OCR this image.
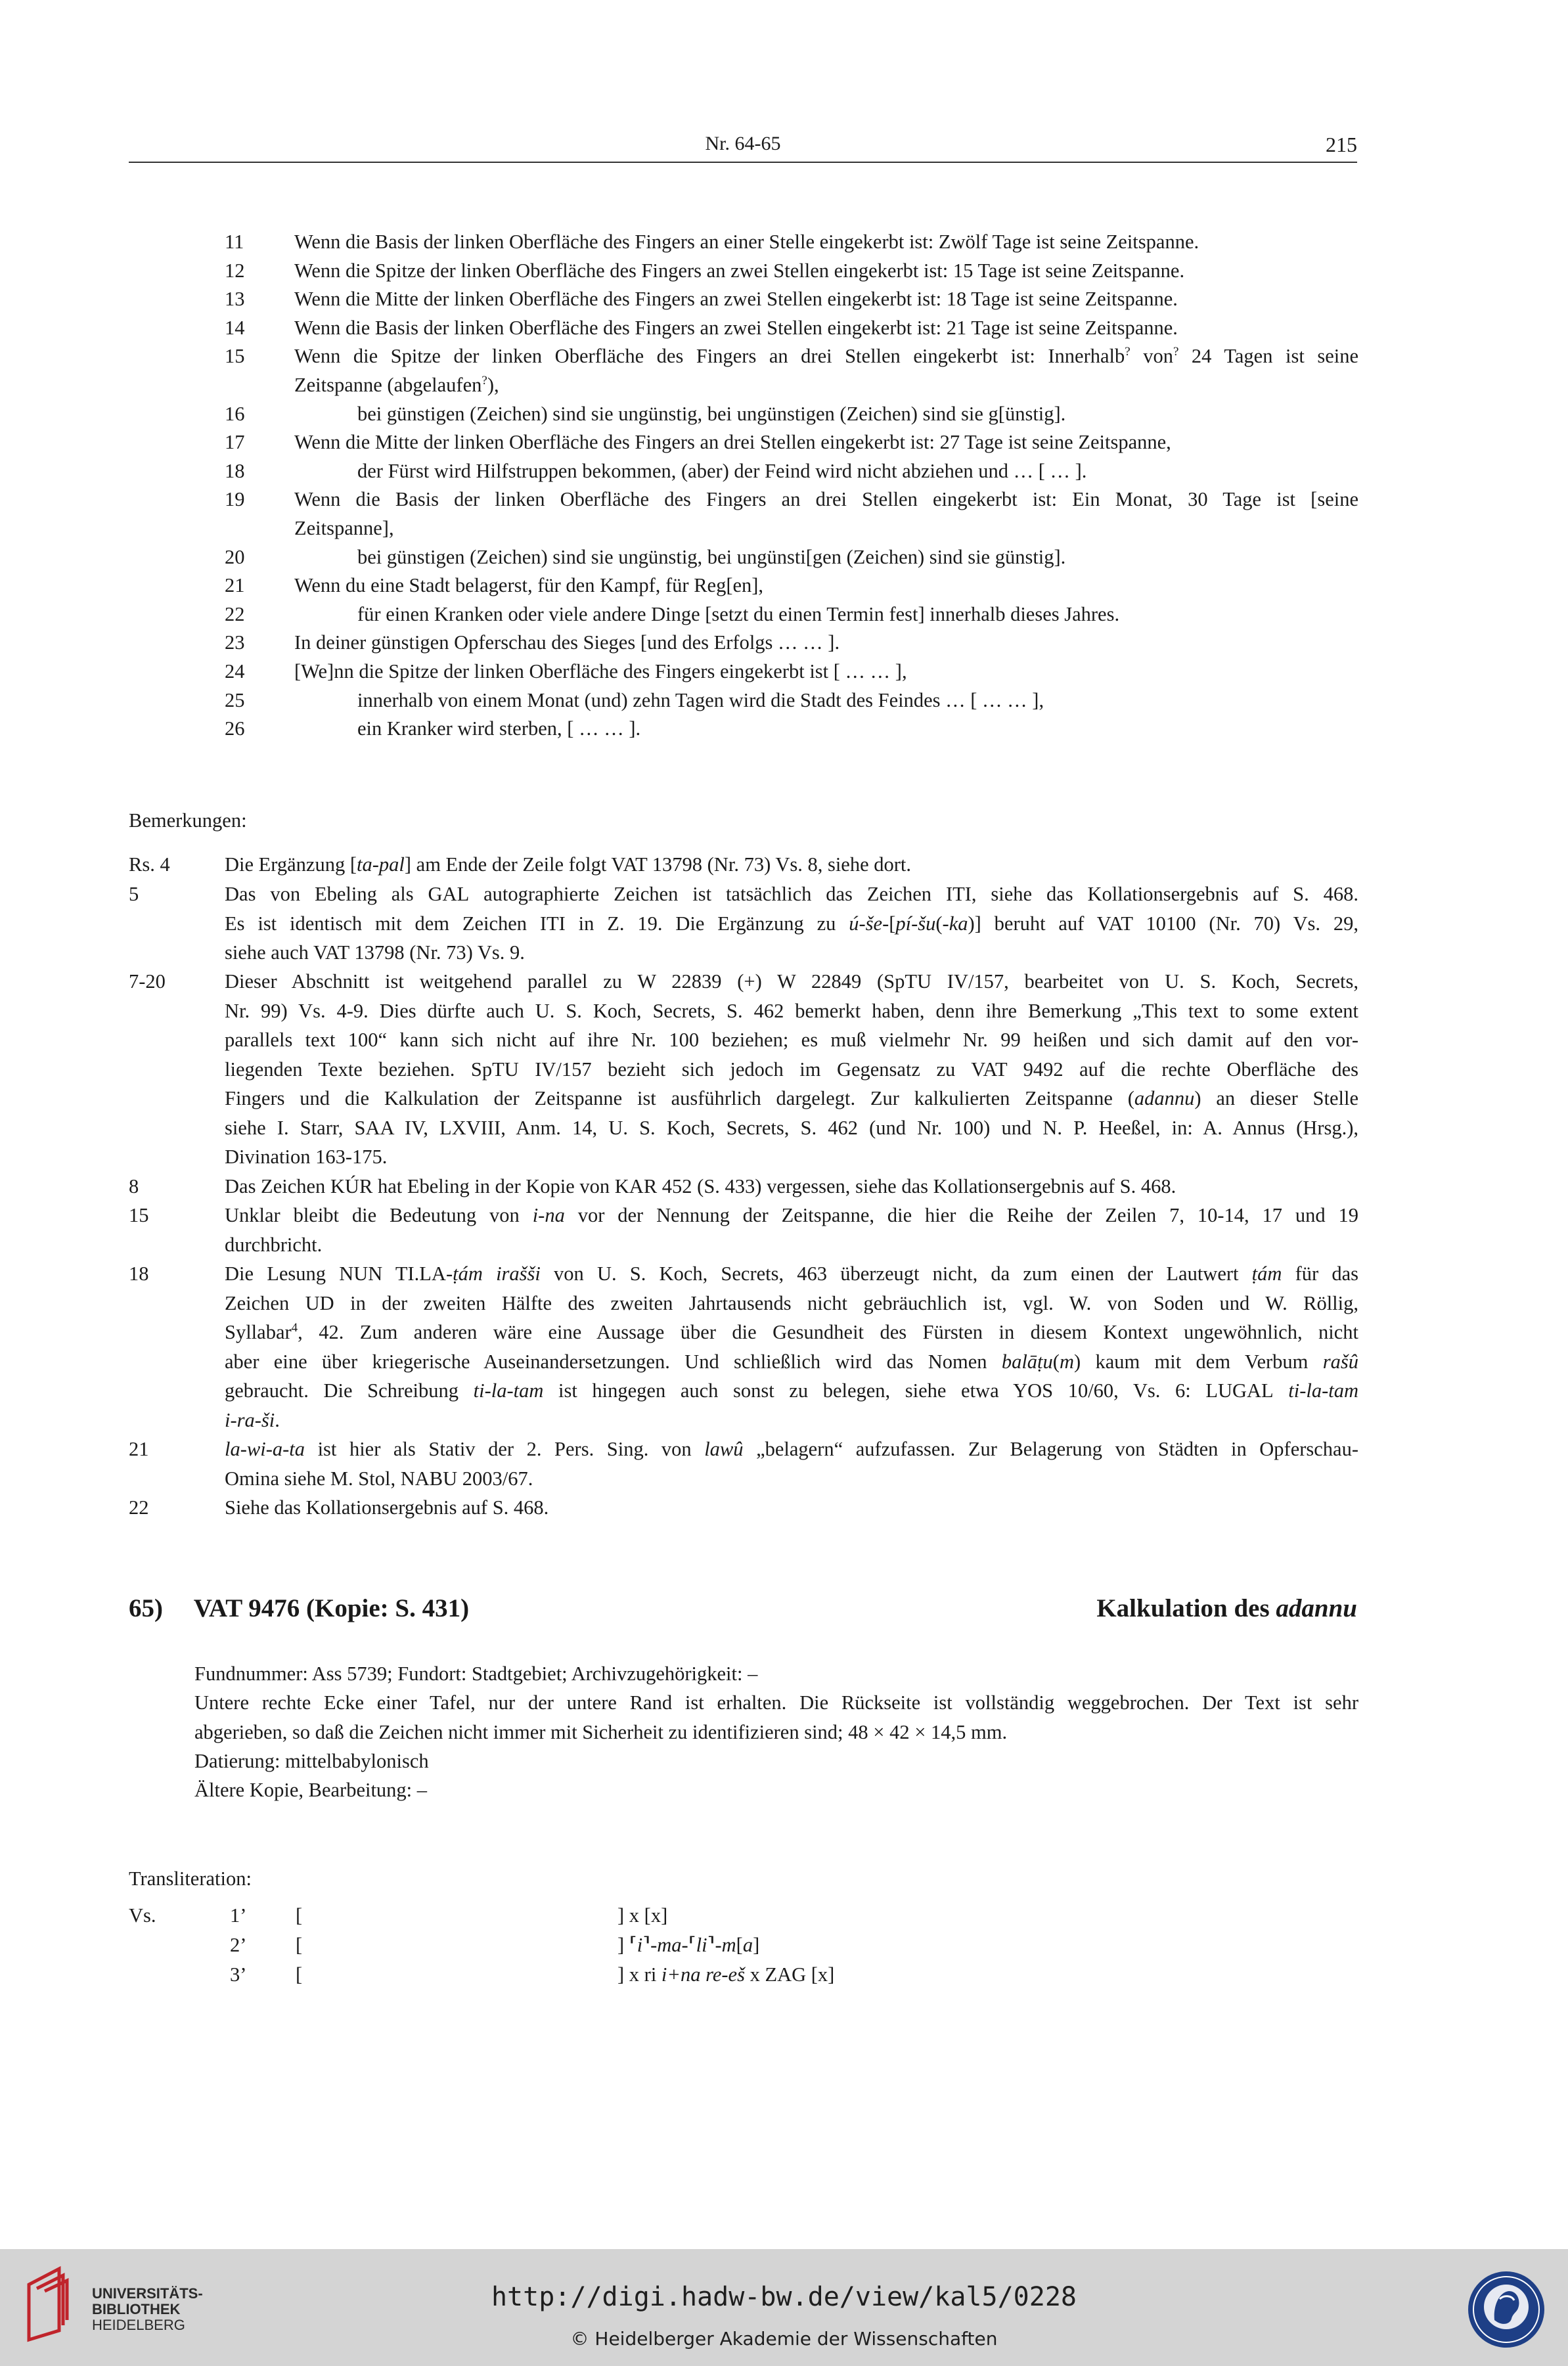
Nr. 64-65	215
11	Wenn die Basis der linken Oberfläche des Fingers an einer Stelle eingekerbt ist: Zwölf Tage ist seine Zeitspanne.
12 Wenn die Spitze der linken Oberfläche des Fingers an zwei Stellen eingekerbt ist: 15 Tage ist seine Zeitspanne.
13 Wenn die Mitte der linken Oberfläche des Fingers an zwei Stellen eingekerbt ist: 18 Tage ist seine Zeitspanne.
14 Wenn die Basis der linken Oberfläche des Fingers an zwei Stellen eingekerbt ist: 21 Tage ist seine Zeitspanne.
15 Wenn die Spitze der linken Oberfläche des Fingers an drei Stellen eingekerbt ist: Innerhalb? von? 24 Tagen ist seine
Zeitspanne (abgelaufen?),
16	bei günstigen (Zeichen) sind sie ungünstig, bei ungünstigen (Zeichen) sind sie g[ünstig].
17 Wenn die Mitte der linken Oberfläche des Fingers an drei Stellen eingekerbt ist: 27 Tage ist seine Zeitspanne,
18	der Fürst wird Hilfstruppen bekommen, (aber) der Feind wird nicht abziehen und … [ … ].
19 Wenn die Basis der linken Oberfläche des Fingers an drei Stellen eingekerbt ist: Ein Monat, 30 Tage ist [seine
Zeitspanne],
20	bei günstigen (Zeichen) sind sie ungünstig, bei ungünsti[gen (Zeichen) sind sie günstig].
21 Wenn du eine Stadt belagerst, für den Kampf, für Reg[en],
22	für einen Kranken oder viele andere Dinge [setzt du einen Termin fest] innerhalb dieses Jahres.
23 In deiner günstigen Opferschau des Sieges [und des Erfolgs … … ].
24 [We]nn die Spitze der linken Oberfläche des Fingers eingekerbt ist [ … … ],
25	innerhalb von einem Monat (und) zehn Tagen wird die Stadt des Feindes … [ … … ],
26	ein Kranker wird sterben, [ … … ].
Bemerkungen:
Rs. 4	Die Ergänzung [ta-pal] am Ende der Zeile folgt VAT 13798 (Nr. 73) Vs. 8, siehe dort.
5	Das von Ebeling als GAL autographierte Zeichen ist tatsächlich das Zeichen ITI, siehe das Kollationsergebnis auf S. 468.
Es ist identisch mit dem Zeichen ITI in Z. 19. Die Ergänzung zu ú-še-[pí-šu(-ka)] beruht auf VAT 10100 (Nr. 70) Vs. 29,
siehe auch VAT 13798 (Nr. 73) Vs. 9.
7-20	Dieser Abschnitt ist weitgehend parallel zu W 22839 (+) W 22849 (SpTU IV/157, bearbeitet von U. S. Koch, Secrets,
Nr. 99) Vs. 4-9. Dies dürfte auch U. S. Koch, Secrets, S. 462 bemerkt haben, denn ihre Bemerkung „This text to some extent
parallels text 100“ kann sich nicht auf ihre Nr. 100 beziehen; es muß vielmehr Nr. 99 heißen und sich damit auf den vor-
liegenden Texte beziehen. SpTU IV/157 bezieht sich jedoch im Gegensatz zu VAT 9492 auf die rechte Oberfläche des
Fingers und die Kalkulation der Zeitspanne ist ausführlich dargelegt. Zur kalkulierten Zeitspanne (adannu) an dieser Stelle
siehe I. Starr, SAA IV, LXVIII, Anm. 14, U. S. Koch, Secrets, S. 462 (und Nr. 100) und N. P. Heeßel, in: A. Annus (Hrsg.),
Divination 163-175.
8	Das Zeichen KÚR hat Ebeling in der Kopie von KAR 452 (S. 433) vergessen, siehe das Kollationsergebnis auf S. 468.
15	Unklar bleibt die Bedeutung von i-na vor der Nennung der Zeitspanne, die hier die Reihe der Zeilen 7, 10-14, 17 und 19
durchbricht.
18	Die Lesung NUN TI.LA-ṭám irašši von U. S. Koch, Secrets, 463 überzeugt nicht, da zum einen der Lautwert ṭám für das
Zeichen UD in der zweiten Hälfte des zweiten Jahrtausends nicht gebräuchlich ist, vgl. W. von Soden und W. Röllig,
Syllabar$^4$, 42. Zum anderen wäre eine Aussage über die Gesundheit des Fürsten in diesem Kontext ungewöhnlich, nicht
aber eine über kriegerische Auseinandersetzungen. Und schließlich wird das Nomen balāṭu(m) kaum mit dem Verbum rašû
gebraucht. Die Schreibung ti-la-tam ist hingegen auch sonst zu belegen, siehe etwa YOS 10/60, Vs. 6: LUGAL ti-la-tam
i-ra-ši.
21	la-wi-a-ta ist hier als Stativ der 2. Pers. Sing. von lawû „belagern“ aufzufassen. Zur Belagerung von Städten in Opferschau-
Omina siehe M. Stol, NABU 2003/67.
22	Siehe das Kollationsergebnis auf S. 468.
65) VAT 9476 (Kopie: S. 431)	Kalkulation des adannu
Fundnummer: Ass 5739; Fundort: Stadtgebiet; Archivzugehörigkeit: –
Untere rechte Ecke einer Tafel, nur der untere Rand ist erhalten. Die Rückseite ist vollständig weggebrochen. Der Text ist sehr
abgerieben, so daß die Zeichen nicht immer mit Sicherheit zu identifizieren sind; 48 × 42 × 14,5 mm.
Datierung: mittelbabylonisch
Ältere Kopie, Bearbeitung: –
Transliteration:
Vs.	1’ [	] x [x]
2’ [	] ⸢i⸣-ma-⸢li⸣-m[a]
3’ [	] x ri i+na re-eš x ZAG [x]
UNIVERSITÄTS-
BIBLIOTHEK
HEIDELBERG
http://digi.hadw-bw.de/view/kal5/0228
© Heidelberger Akademie der Wissenschaften
